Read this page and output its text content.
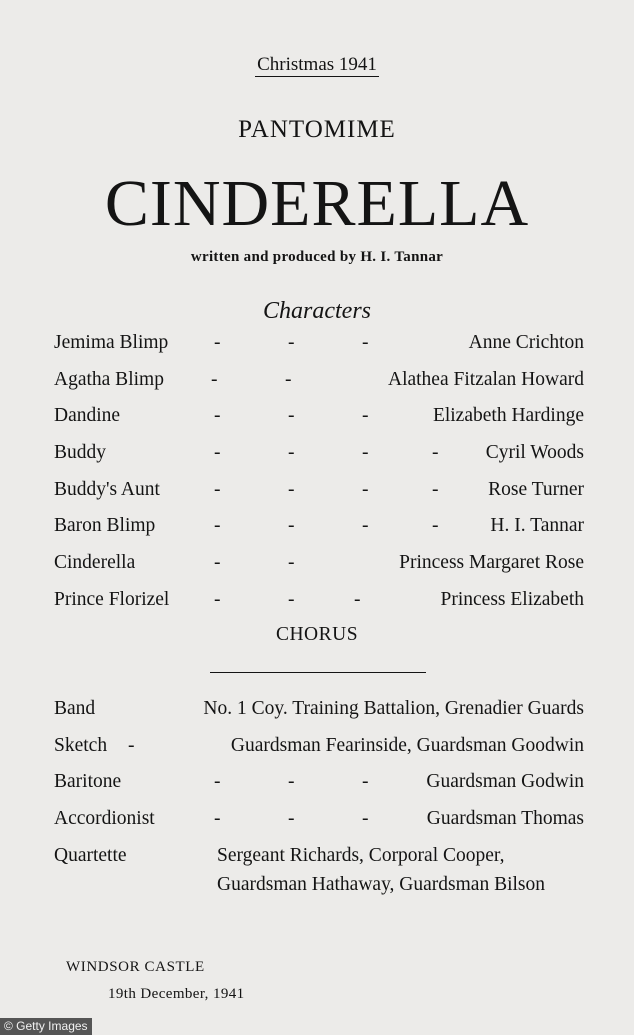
Christmas 1941
PANTOMIME
CINDERELLA
written and produced by H. I. Tannar
Characters
Jemima Blimp -	-	-	Anne Crichton
Agatha Blimp -	-	Alathea Fitzalan Howard
Dandine	-	-	-	Elizabeth Hardinge
Buddy	-	-	-	- Cyril Woods
Buddy's Aunt	-	-	-	-	Rose Turner
Baron Blimp	-	-	-	-	H. I. Tannar
Cinderella	-	-	Princess Margaret Rose
Prince Florizel -	-	-	Princess Elizabeth
CHORUS
Band	No. 1 Coy. Training Battalion, Grenadier Guards
Sketch -	Guardsman Fearinside, Guardsman Goodwin
Baritone	-	-	-	Guardsman Godwin
Accordionist	-	-	-	Guardsman Thomas
Quartette	Sergeant Richards, Corporal Cooper,
Guardsman Hathaway, Guardsman Bilson
WINDSOR CASTLE
19th December, 1941
© Getty Images
